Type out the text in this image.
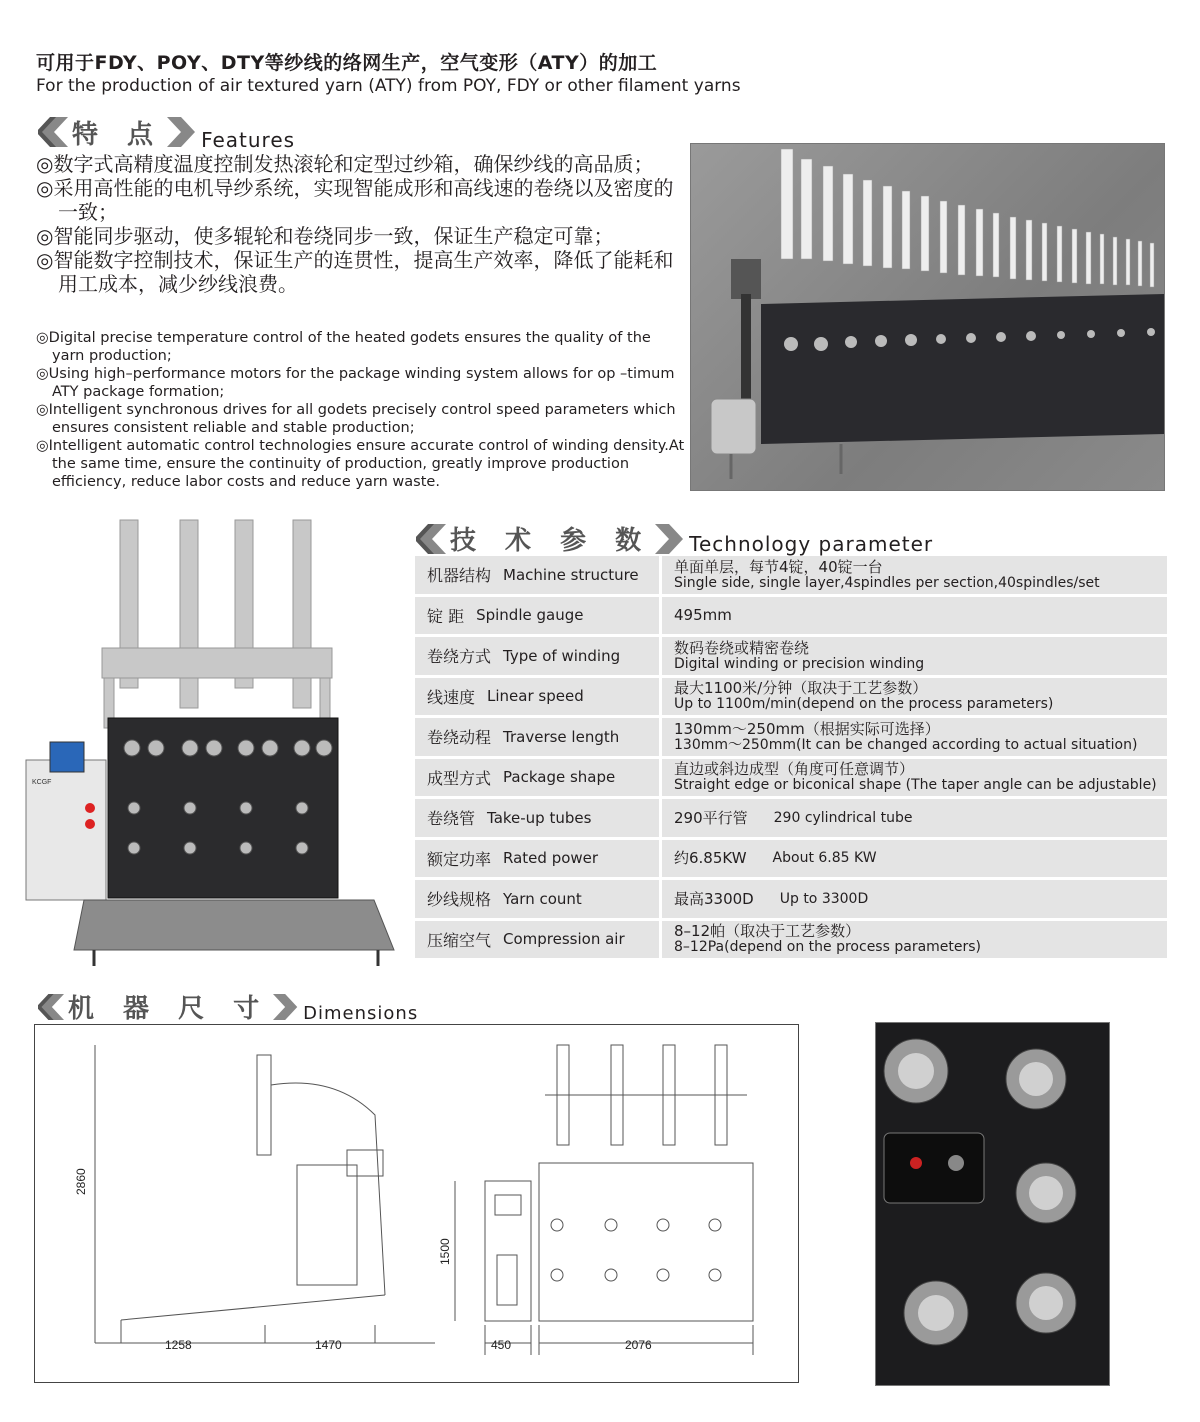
可用于FDY、POY、DTY等纱线的络网生产，空气变形（ATY）的加工
For the production of air textured yarn (ATY) from POY, FDY or other filament yarns
特 点 Features

◎数字式高精度温度控制发热滚轮和定型过纱箱，确保纱线的高品质；

◎采用高性能的电机导纱系统，实现智能成形和高线速的卷绕以及密度的一致；

◎智能同步驱动，使多辊轮和卷绕同步一致，保证生产稳定可靠；

◎智能数字控制技术，保证生产的连贯性，提高生产效率，降低了能耗和用工成本，减少纱线浪费。

◎Digital precise temperature control of the heated godets ensures the quality of the yarn production;

◎Using high–performance motors for the package winding system allows for op –timum ATY package formation;

◎Intelligent synchronous drives for all godets precisely control speed parameters which ensures consistent reliable and stable production;

◎Intelligent automatic control technologies ensure accurate control of winding density.At the same time, ensure the continuity of production, greatly improve production efficiency, reduce labor costs and reduce yarn waste.

KCGF
技 术 参 数 Technology parameter
机器结构 Machine structure 单面单层，每节4锭，40锭一台
Single side, single layer,4spindles per section,40spindles/set
锭 距 Spindle gauge	495mm
卷绕方式 Type of winding	数码卷绕或精密卷绕
Digital winding or precision winding
线速度 Linear speed	最大1100米/分钟（取决于工艺参数）
Up to 1100m/min(depend on the process parameters)
卷绕动程 Traverse length	130mm～250mm（根据实际可选择）
130mm～250mm(It can be changed according to actual situation)
成型方式 Package shape	直边或斜边成型（角度可任意调节）
Straight edge or biconical shape (The taper angle can be adjustable)
卷绕管 Take-up tubes	290平行管 290 cylindrical tube
额定功率 Rated power	约6.85KW About 6.85 KW
纱线规格 Yarn count	最高3300D Up to 3300D
压缩空气 Compression air	8–12帕（取决于工艺参数）
8–12Pa(depend on the process parameters)
机 器 尺 寸 Dimensions
2860
1258	1470
1500
450	2076
